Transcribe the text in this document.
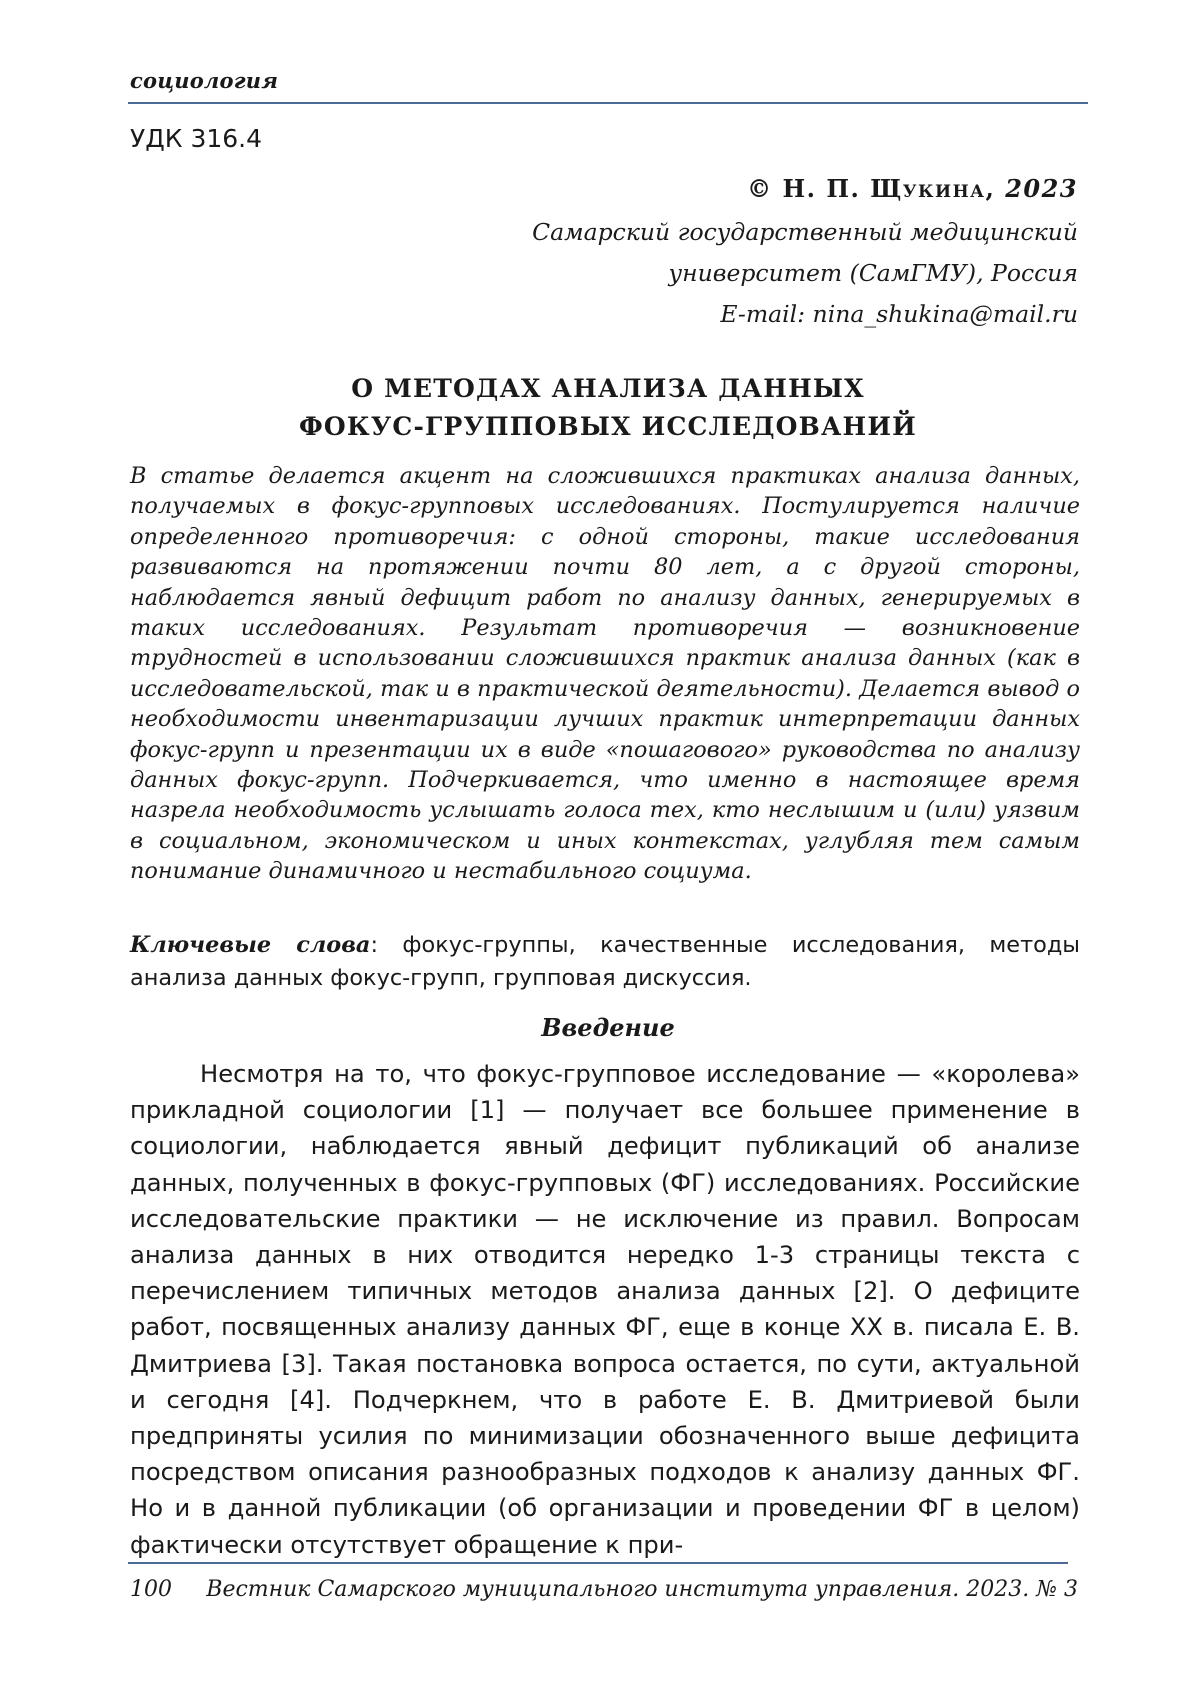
социология
УДК 316.4
© Н. П. Щукина, 2023
Самарский государственный медицинский
университет (СамГМУ), Россия
E-mail: nina_shukina@mail.ru
О МЕТОДАХ АНАЛИЗА ДАННЫХ
ФОКУС-ГРУППОВЫХ ИССЛЕДОВАНИЙ
В статье делается акцент на сложившихся практиках анализа данных, получаемых в фокус-групповых исследованиях. Постулируется наличие определенного противоречия: с одной стороны, такие исследования развиваются на протяжении почти 80 лет, а с другой стороны, наблюдается явный дефицит работ по анализу данных, генерируемых в таких исследованиях. Результат противоречия — возникновение трудностей в использовании сложившихся практик анализа данных (как в исследовательской, так и в практической деятельности). Делается вывод о необходимости инвентаризации лучших практик интерпретации данных фокус-групп и презентации их в виде «пошагового» руководства по анализу данных фокус-групп. Подчеркивается, что именно в настоящее время назрела необходимость услышать голоса тех, кто неслышим и (или) уязвим в социальном, экономическом и иных контекстах, углубляя тем самым понимание динамичного и нестабильного социума.
Ключевые слова: фокус-группы, качественные исследования, методы анализа данных фокус-групп, групповая дискуссия.
Введение
Несмотря на то, что фокус-групповое исследование — «королева» прикладной социологии [1] — получает все большее применение в социологии, наблюдается явный дефицит публикаций об анализе данных, полученных в фокус-групповых (ФГ) исследованиях. Российские исследовательские практики — не исключение из правил. Вопросам анализа данных в них отводится нередко 1-3 страницы текста с перечислением типичных методов анализа данных [2]. О дефиците работ, посвященных анализу данных ФГ, еще в конце XX в. писала Е. В. Дмитриева [3]. Такая постановка вопроса остается, по сути, актуальной и сегодня [4]. Подчеркнем, что в работе Е. В. Дмитриевой были предприняты усилия по минимизации обозначенного выше дефицита посредством описания разнообразных подходов к анализу данных ФГ. Но и в данной публикации (об организации и проведении ФГ в целом) фактически отсутствует обращение к при-
100 Вестник Самарского муниципального института управления. 2023. № 3
